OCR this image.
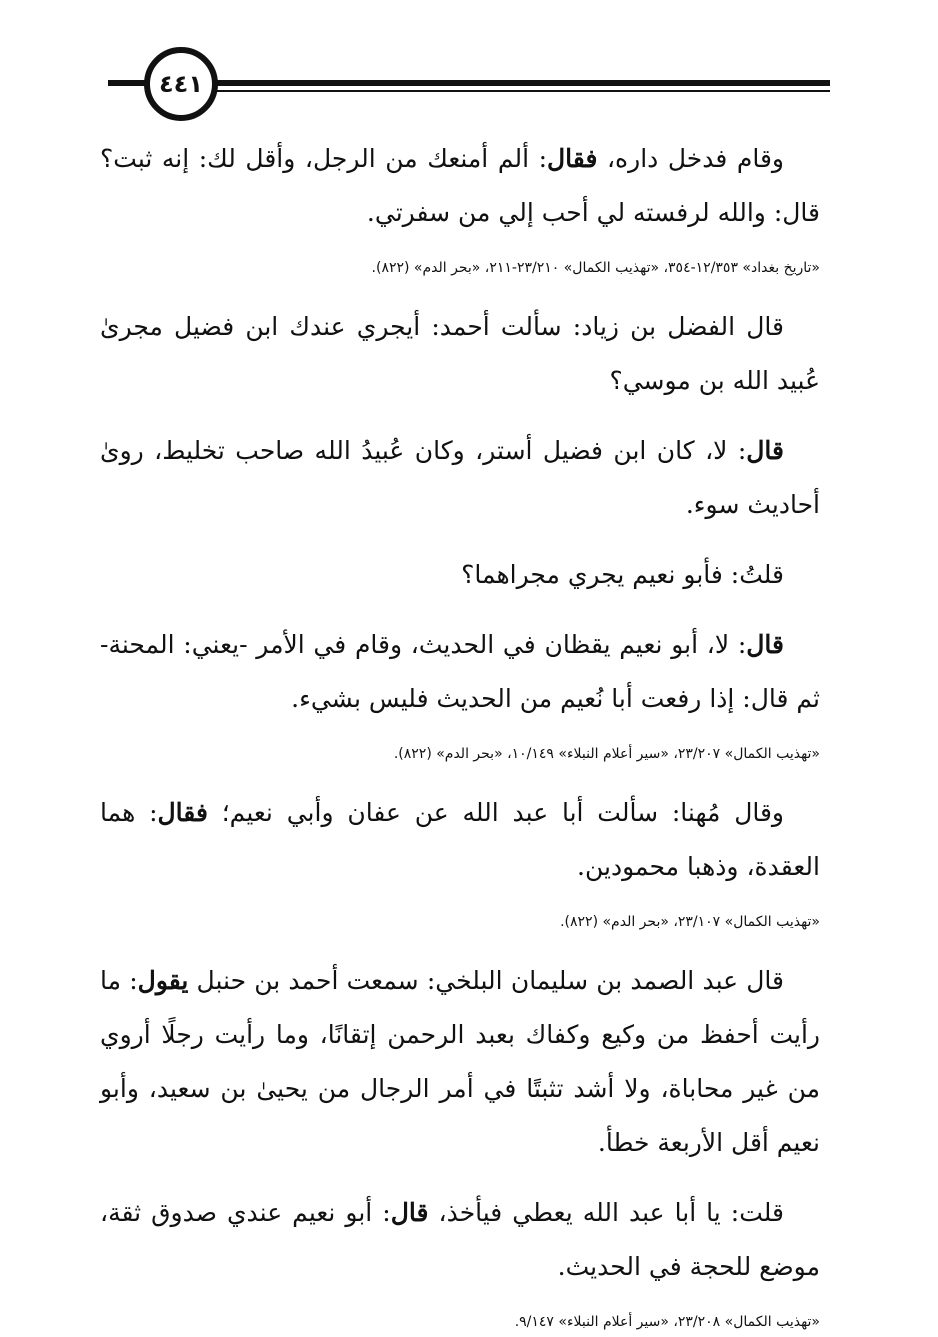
٤٤١

وقام فدخل داره، فقال: ألم أمنعك من الرجل، وأقل لك: إنه ثبت؟ قال: والله لرفسته لي أحب إلي من سفرتي.

«تاريخ بغداد» ١٢/٣٥٣-٣٥٤، «تهذيب الكمال» ٢٣/٢١٠-٢١١، «بحر الدم» (٨٢٢).

قال الفضل بن زياد: سألت أحمد: أيجري عندك ابن فضيل مجرىٰ عُبيد الله بن موسي؟

قال: لا، كان ابن فضيل أستر، وكان عُبيدُ الله صاحب تخليط، روىٰ أحاديث سوء.

قلتُ: فأبو نعيم يجري مجراهما؟

قال: لا، أبو نعيم يقظان في الحديث، وقام في الأمر -يعني: المحنة- ثم قال: إذا رفعت أبا نُعيم من الحديث فليس بشيء.

«تهذيب الكمال» ٢٣/٢٠٧، «سير أعلام النبلاء» ١٠/١٤٩، «بحر الدم» (٨٢٢).

وقال مُهنا: سألت أبا عبد الله عن عفان وأبي نعيم؛ فقال: هما العقدة، وذهبا محمودين.

«تهذيب الكمال» ٢٣/١٠٧، «بحر الدم» (٨٢٢).

قال عبد الصمد بن سليمان البلخي: سمعت أحمد بن حنبل يقول: ما رأيت أحفظ من وكيع وكفاك بعبد الرحمن إتقانًا، وما رأيت رجلًا أروي من غير محاباة، ولا أشد تثبتًا في أمر الرجال من يحيىٰ بن سعيد، وأبو نعيم أقل الأربعة خطأ.

قلت: يا أبا عبد الله يعطي فيأخذ، قال: أبو نعيم عندي صدوق ثقة، موضع للحجة في الحديث.

«تهذيب الكمال» ٢٣/٢٠٨، «سير أعلام النبلاء» ٩/١٤٧.
